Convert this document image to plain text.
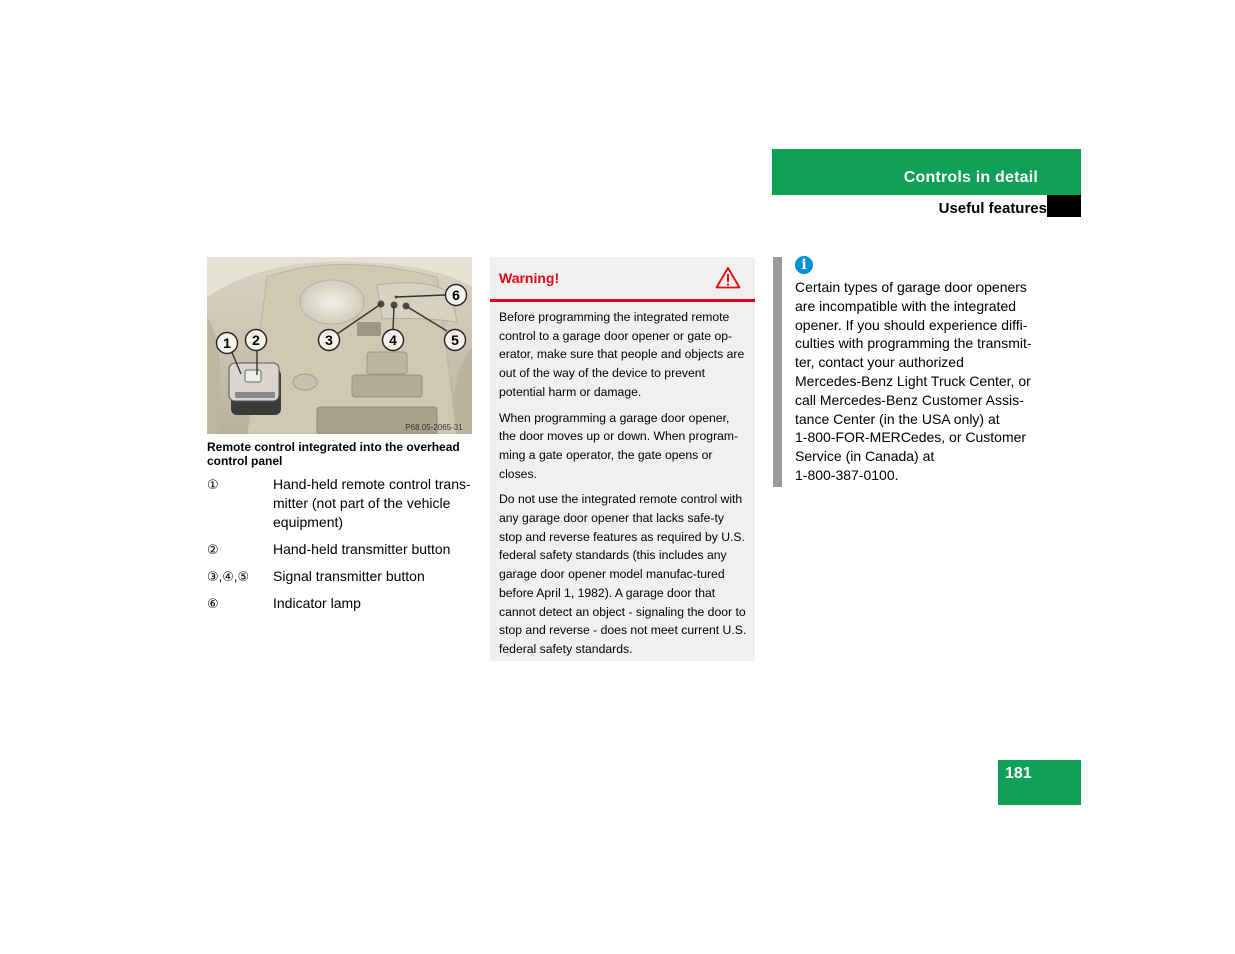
Controls in detail
Useful features
1 2	3	4	5
6
P68.05-2065-31
Remote control integrated into the overhead control panel
①	Hand-held remote control trans-mitter (not part of the vehicle equipment)
②	Hand-held transmitter button
③,④,⑤	Signal transmitter button
⑥	Indicator lamp
Warning!

Before programming the integrated remote control to a garage door opener or gate op-erator, make sure that people and objects are out of the way of the device to prevent potential harm or damage.

When programming a garage door opener, the door moves up or down. When program-ming a gate operator, the gate opens or closes.

Do not use the integrated remote control with any garage door opener that lacks safe-ty stop and reverse features as required by U.S. federal safety standards (this includes any garage door opener model manufac-tured before April 1, 1982). A garage door that cannot detect an object - signaling the door to stop and reverse - does not meet current U.S. federal safety standards.

i
Certain types of garage door openers
are incompatible with the integrated
opener. If you should experience diffi-
culties with programming the transmit-
ter, contact your authorized
Mercedes-Benz Light Truck Center, or
call Mercedes-Benz Customer Assis-
tance Center (in the USA only) at
1-800-FOR-MERCedes, or Customer
Service (in Canada) at
1-800-387-0100.
181
